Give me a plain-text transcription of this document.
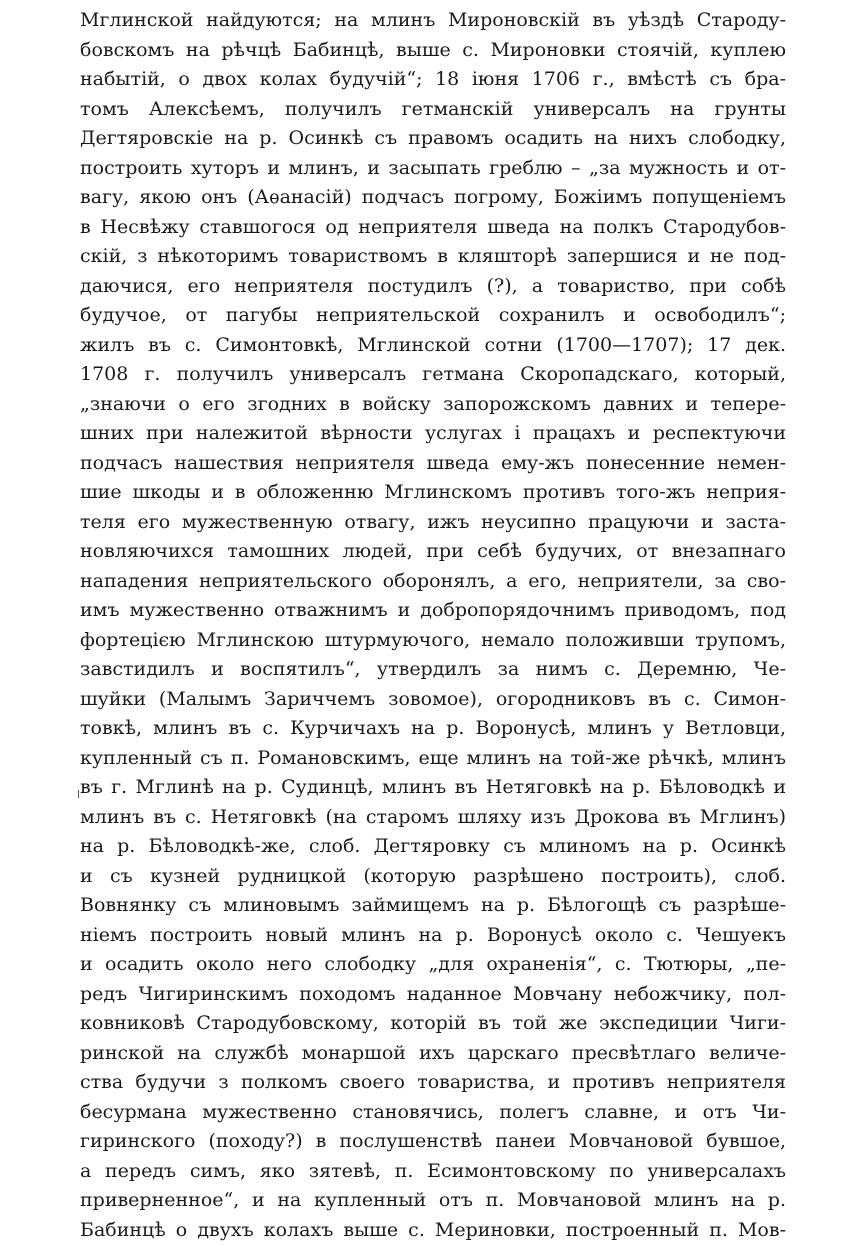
Мглинской найдуются; на млинъ Мироновскій въ уѣздѣ Староду-
бовскомъ на рѣчцѣ Бабинцѣ, выше с. Мироновки стоячій, куплею
набытій, о двох колах будучій“; 18 іюня 1706 г., вмѣстѣ съ бра-
томъ Алексѣемъ, получилъ гетманскій универсалъ на грунты
Дегтяровскіе на р. Осинкѣ съ правомъ осадить на нихъ слободку,
построить хуторъ и млинъ, и засыпать греблю – „за мужность и от-
вагу, якою онъ (Аѳанасій) подчасъ погрому, Божіимъ попущеніемъ
в Несвѣжу ставшогося од неприятеля шведа на полкъ Стародубов-
скій, з нѣкоторимъ товариствомъ в кляшторѣ запершися и не под-
даючися, его неприятеля постудилъ (?), а товариство, при собѣ
будучое, от пагубы неприятельской сохранилъ и освободилъ“;
жилъ въ с. Симонтовкѣ, Мглинской сотни (1700—1707); 17 дек.
1708 г. получилъ универсалъ гетмана Скоропадскаго, который,
„знаючи о его згодних в войску запорожскомъ давних и тепере-
шних при належитой вѣрности услугах і працахъ и респектуючи
подчасъ нашествия неприятеля шведа ему-жъ понесенние немен-
шие шкоды и в обложенню Мглинскомъ противъ того-жъ неприя-
теля его мужественную отвагу, ижъ неусипно працуючи и заста-
новляючихся тамошних людей, при себѣ будучих, от внезапнаго
нападения неприятельского оборонялъ, а его, неприятели, за сво-
имъ мужественно отважнимъ и добропорядочнимъ приводомъ, под
фортецією Мглинскою штурмуючого, немало положивши трупомъ,
завстидилъ и воспятилъ“, утвердилъ за нимъ с. Деремню, Че-
шуйки (Малымъ Зариччемъ зовомое), огородниковъ въ с. Симон-
товкѣ, млинъ въ с. Курчичахъ на р. Воронусѣ, млинъ у Ветловци,
купленный съ п. Романовскимъ, еще млинъ на той-же рѣчкѣ, млинъ
въ г. Мглинѣ на р. Судинцѣ, млинъ въ Нетяговкѣ на р. Бѣловодкѣ и
млинъ въ с. Нетяговкѣ (на старомъ шляху изъ Дрокова въ Мглинъ)
на р. Бѣловодкѣ-же, слоб. Дегтяровку съ млиномъ на р. Осинкѣ
и съ кузней рудницкой (которую разрѣшено построить), слоб.
Вовнянку съ млиновымъ займищемъ на р. Бѣлогощѣ съ разрѣше-
ніемъ построить новый млинъ на р. Воронусѣ около с. Чешуекъ
и осадить около него слободку „для охраненія“, с. Тютюры, „пе-
редъ Чигиринскимъ походомъ наданное Мовчану небожчику, пол-
ковниковѣ Стародубовскому, которій въ той же экспедиции Чиги-
ринской на службѣ монаршой ихъ царскаго пресвѣтлаго величе-
ства будучи з полкомъ своего товариства, и противъ неприятеля
бесурмана мужественно становячись, полегъ славне, и отъ Чи-
гиринского (походу?) в послушенствѣ панеи Мовчановой бувшое,
а передъ симъ, яко зятевѣ, п. Есимонтовскому по универсалахъ
приверненное“, и на купленный отъ п. Мовчановой млинъ на р.
Бабинцѣ о двухъ колахъ выше с. Мериновки, построенный п. Мов-
